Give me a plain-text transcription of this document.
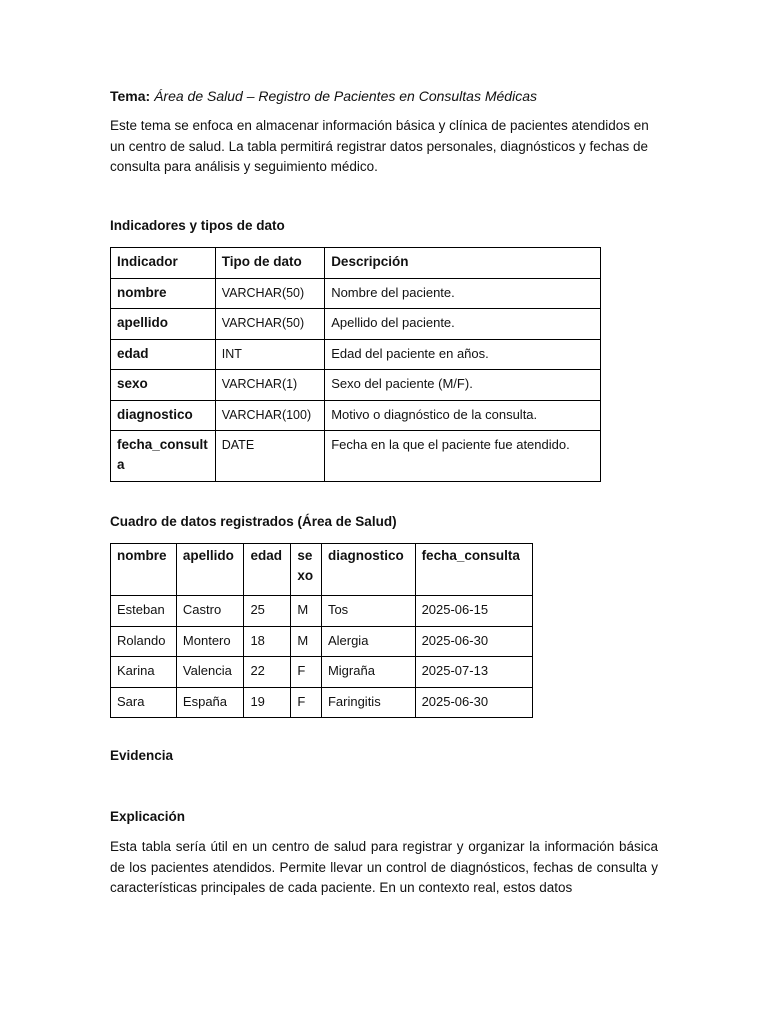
Tema: Área de Salud – Registro de Pacientes en Consultas Médicas
Este tema se enfoca en almacenar información básica y clínica de pacientes atendidos en un centro de salud. La tabla permitirá registrar datos personales, diagnósticos y fechas de consulta para análisis y seguimiento médico.
Indicadores y tipos de dato
Indicador	Tipo de dato	Descripción
nombre	VARCHAR(50)	Nombre del paciente.
apellido	VARCHAR(50)	Apellido del paciente.
edad	INT	Edad del paciente en años.
sexo	VARCHAR(1)	Sexo del paciente (M/F).
diagnostico	VARCHAR(100)	Motivo o diagnóstico de la consulta.
fecha_consulta	DATE	Fecha en la que el paciente fue atendido.
Cuadro de datos registrados (Área de Salud)
nombre	apellido	edad	sexo	diagnostico	fecha_consulta
Esteban	Castro	25	M	Tos	2025-06-15
Rolando	Montero	18	M	Alergia	2025-06-30
Karina	Valencia	22	F	Migraña	2025-07-13
Sara	España	19	F	Faringitis	2025-06-30
Evidencia
Explicación
Esta tabla sería útil en un centro de salud para registrar y organizar la información básica de los pacientes atendidos. Permite llevar un control de diagnósticos, fechas de consulta y características principales de cada paciente. En un contexto real, estos datos
